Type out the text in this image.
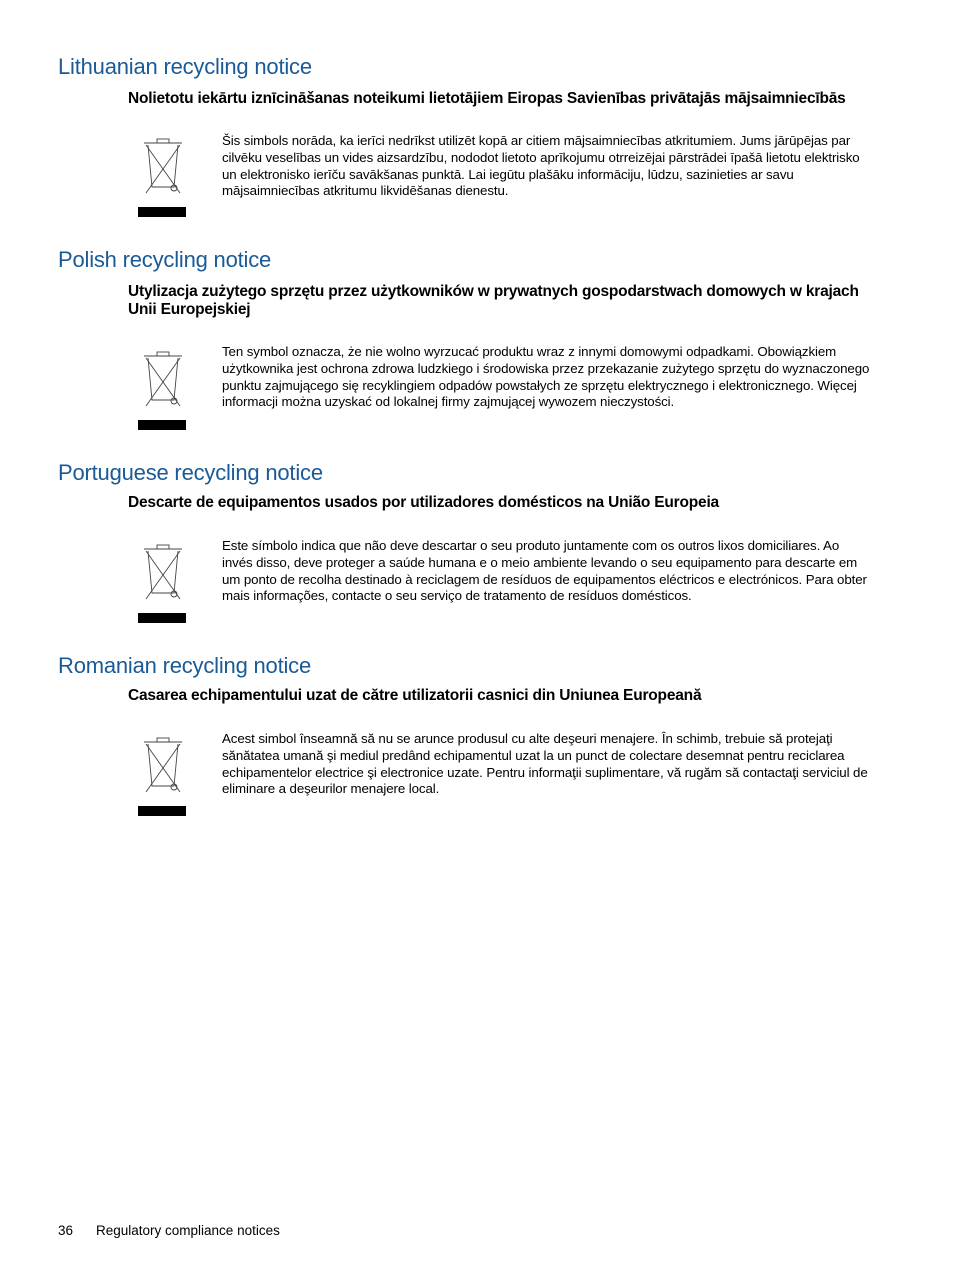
Lithuanian recycling notice
Nolietotu iekārtu iznīcināšanas noteikumi lietotājiem Eiropas Savienības privātajās mājsaimniecībās
Šis simbols norāda, ka ierīci nedrīkst utilizēt kopā ar citiem mājsaimniecības atkritumiem. Jums jārūpējas par cilvēku veselības un vides aizsardzību, nododot lietoto aprīkojumu otrreizējai pārstrādei īpašā lietotu elektrisko un elektronisko ierīču savākšanas punktā. Lai iegūtu plašāku informāciju, lūdzu, sazinieties ar savu mājsaimniecības atkritumu likvidēšanas dienestu.
Polish recycling notice
Utylizacja zużytego sprzętu przez użytkowników w prywatnych gospodarstwach domowych w krajach Unii Europejskiej
Ten symbol oznacza, że nie wolno wyrzucać produktu wraz z innymi domowymi odpadkami. Obowiązkiem użytkownika jest ochrona zdrowa ludzkiego i środowiska przez przekazanie zużytego sprzętu do wyznaczonego punktu zajmującego się recyklingiem odpadów powstałych ze sprzętu elektrycznego i elektronicznego. Więcej informacji można uzyskać od lokalnej firmy zajmującej wywozem nieczystości.
Portuguese recycling notice
Descarte de equipamentos usados por utilizadores domésticos na União Europeia
Este símbolo indica que não deve descartar o seu produto juntamente com os outros lixos domiciliares. Ao invés disso, deve proteger a saúde humana e o meio ambiente levando o seu equipamento para descarte em um ponto de recolha destinado à reciclagem de resíduos de equipamentos eléctricos e electrónicos. Para obter mais informações, contacte o seu serviço de tratamento de resíduos domésticos.
Romanian recycling notice
Casarea echipamentului uzat de către utilizatorii casnici din Uniunea Europeană
Acest simbol înseamnă să nu se arunce produsul cu alte deşeuri menajere. În schimb, trebuie să protejaţi sănătatea umană şi mediul predând echipamentul uzat la un punct de colectare desemnat pentru reciclarea echipamentelor electrice şi electronice uzate. Pentru informaţii suplimentare, vă rugăm să contactaţi serviciul de eliminare a deşeurilor menajere local.
36 Regulatory compliance notices
